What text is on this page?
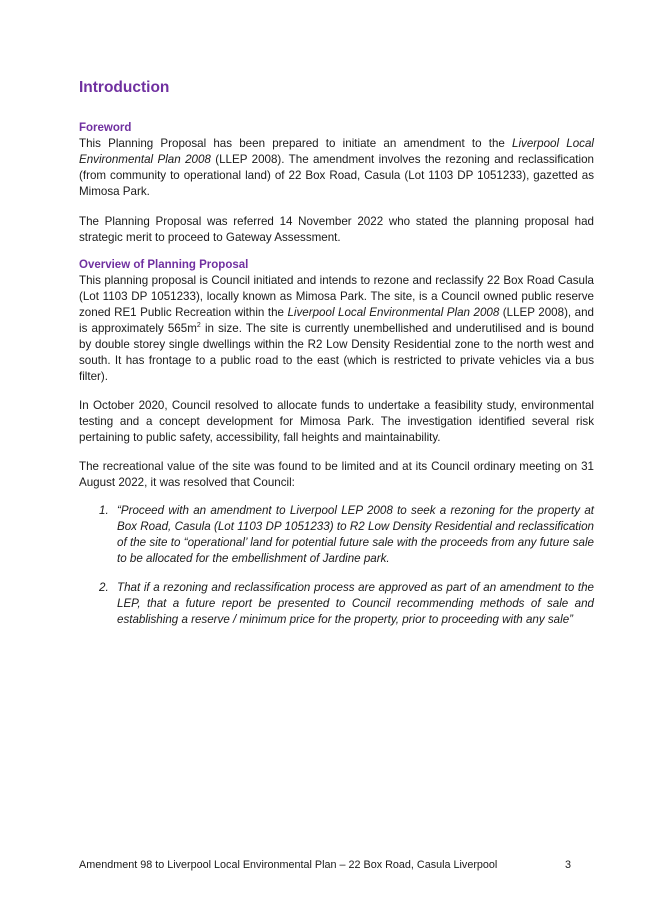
Introduction
Foreword

This Planning Proposal has been prepared to initiate an amendment to the Liverpool Local Environmental Plan 2008 (LLEP 2008). The amendment involves the rezoning and reclassification (from community to operational land) of 22 Box Road, Casula (Lot 1103 DP 1051233), gazetted as Mimosa Park.

The Planning Proposal was referred 14 November 2022 who stated the planning proposal had strategic merit to proceed to Gateway Assessment.

Overview of Planning Proposal

This planning proposal is Council initiated and intends to rezone and reclassify 22 Box Road Casula (Lot 1103 DP 1051233), locally known as Mimosa Park. The site, is a Council owned public reserve zoned RE1 Public Recreation within the Liverpool Local Environmental Plan 2008 (LLEP 2008), and is approximately $565m^2$ in size. The site is currently unembellished and underutilised and is bound by double storey single dwellings within the R2 Low Density Residential zone to the north west and south. It has frontage to a public road to the east (which is restricted to private vehicles via a bus filter).

In October 2020, Council resolved to allocate funds to undertake a feasibility study, environmental testing and a concept development for Mimosa Park. The investigation identified several risk pertaining to public safety, accessibility, fall heights and maintainability.

The recreational value of the site was found to be limited and at its Council ordinary meeting on 31 August 2022, it was resolved that Council:

1. “Proceed with an amendment to Liverpool LEP 2008 to seek a rezoning for the property at Box Road, Casula (Lot 1103 DP 1051233) to R2 Low Density Residential and reclassification of the site to “operational’ land for potential future sale with the proceeds from any future sale to be allocated for the embellishment of Jardine park.
2. That if a rezoning and reclassification process are approved as part of an amendment to the LEP, that a future report be presented to Council recommending methods of sale and establishing a reserve / minimum price for the property, prior to proceeding with any sale”
Amendment 98 to Liverpool Local Environmental Plan – 22 Box Road, Casula Liverpool	3
